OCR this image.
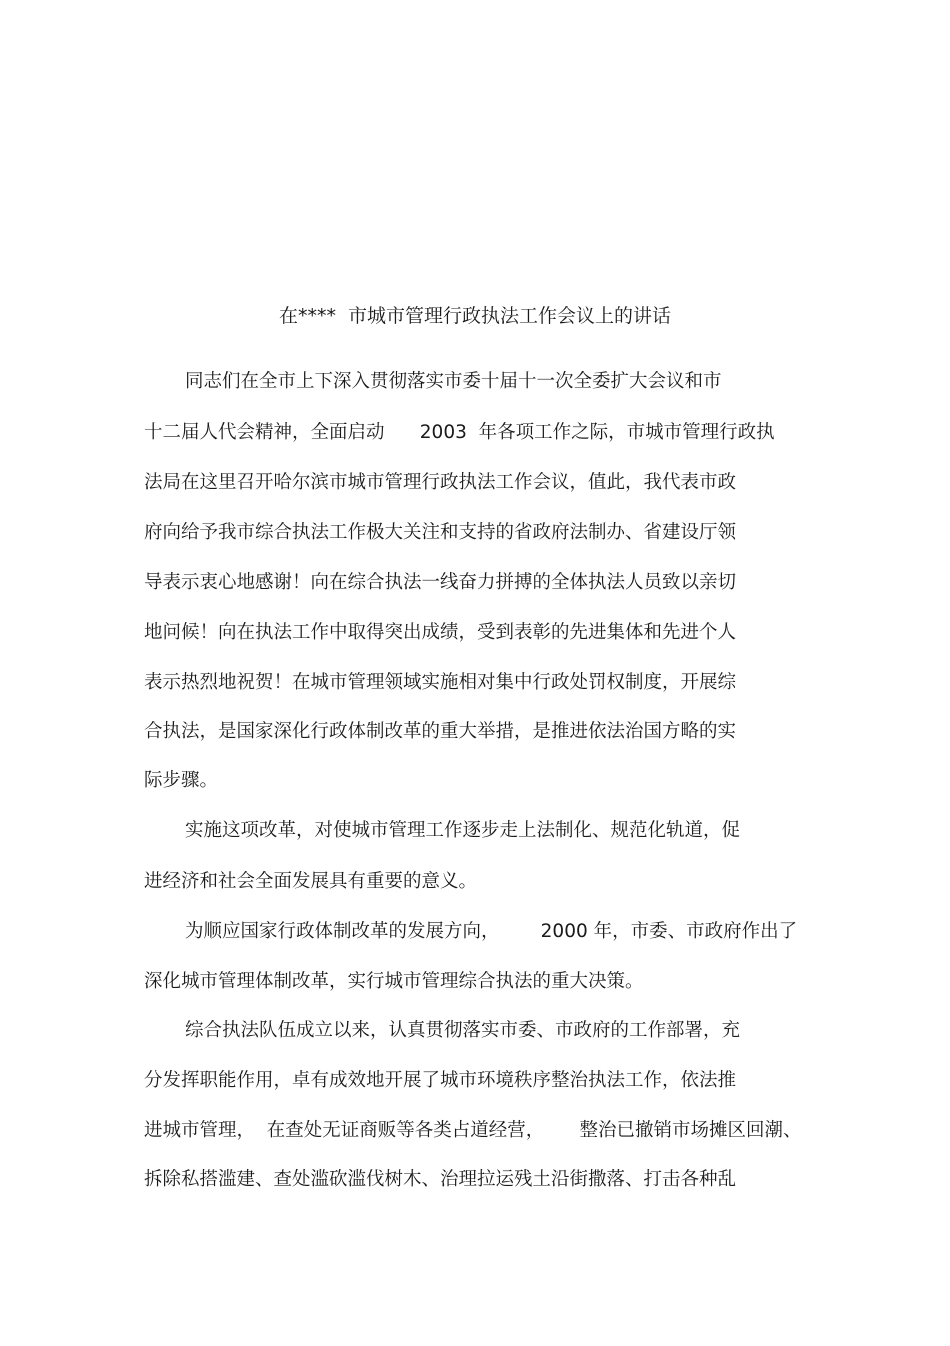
在****  市城市管理行政执法工作会议上的讲话
同志们在全市上下深入贯彻落实市委十届十一次全委扩大会议和市
十二届人代会精神，全面启动      2003  年各项工作之际，市城市管理行政执
法局在这里召开哈尔滨市城市管理行政执法工作会议，值此，我代表市政
府向给予我市综合执法工作极大关注和支持的省政府法制办、省建设厅领
导表示衷心地感谢！向在综合执法一线奋力拼搏的全体执法人员致以亲切
地问候！向在执法工作中取得突出成绩，受到表彰的先进集体和先进个人
表示热烈地祝贺！在城市管理领域实施相对集中行政处罚权制度，开展综
合执法，是国家深化行政体制改革的重大举措，是推进依法治国方略的实
际步骤。
实施这项改革，对使城市管理工作逐步走上法制化、规范化轨道，促
进经济和社会全面发展具有重要的意义。
为顺应国家行政体制改革的发展方向，       2000 年，市委、市政府作出了
深化城市管理体制改革，实行城市管理综合执法的重大决策。
综合执法队伍成立以来，认真贯彻落实市委、市政府的工作部署，充
分发挥职能作用，卓有成效地开展了城市环境秩序整治执法工作，依法推
进城市管理，  在查处无证商贩等各类占道经营，      整治已撤销市场摊区回潮、
拆除私搭滥建、查处滥砍滥伐树木、治理拉运残土沿街撒落、打击各种乱
